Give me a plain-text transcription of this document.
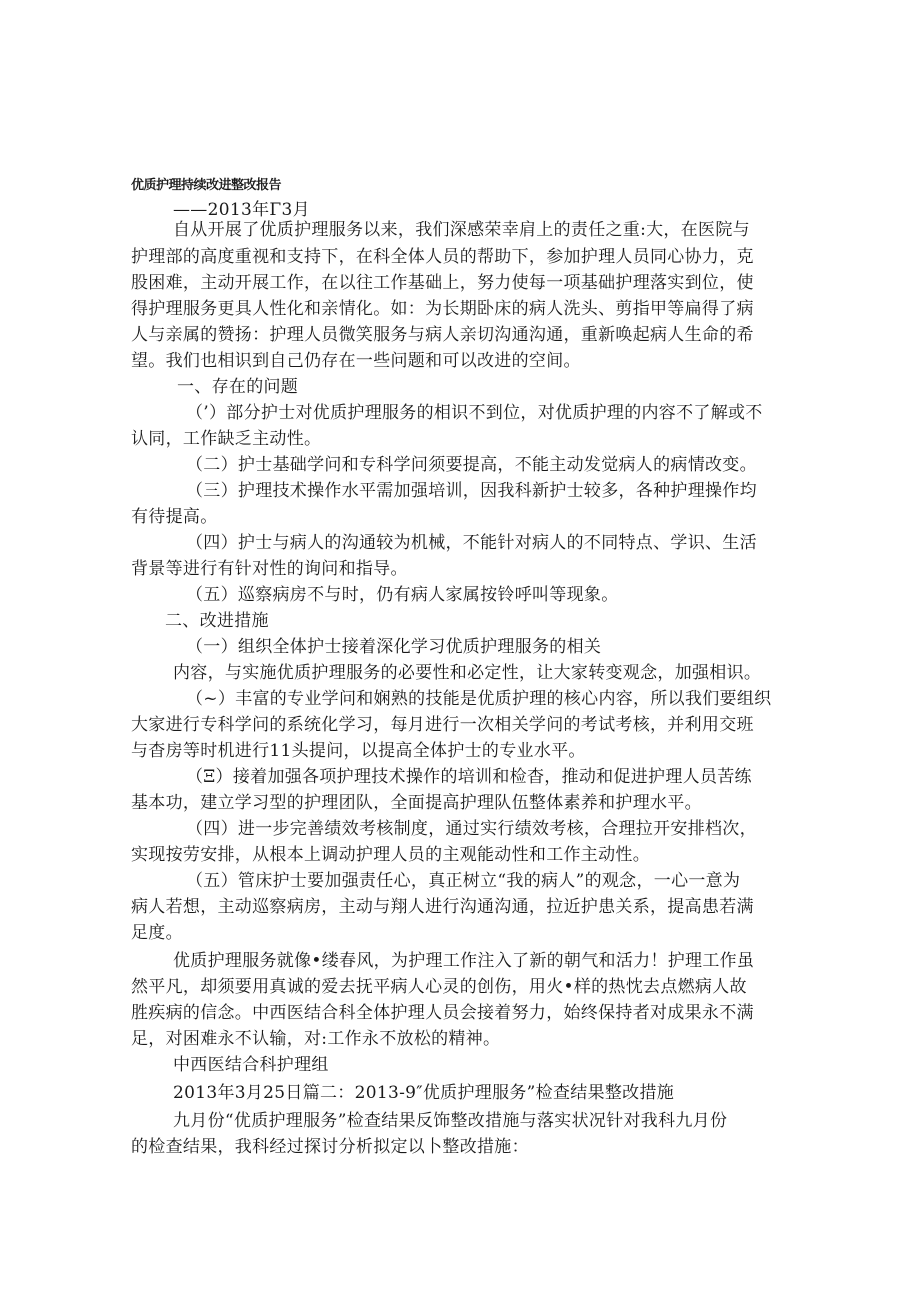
优质护理持续改进整改报告
——2013年Γ3月
自从开展了优质护理服务以来，我们深感荣幸肩上的责任之重:大，在医院与
护理部的高度重视和支持下，在科全体人员的帮助下，参加护理人员同心协力，克
股困难，主动开展工作，在以往工作基础上，努力使每一项基础护理落实到位，使
得护理服务更具人性化和亲情化。如：为长期卧床的病人洗头、剪指甲等扁得了病
人与亲属的赞扬：护理人员微笑服务与病人亲切沟通沟通，重新唤起病人生命的希
望。我们也相识到自己仍存在一些问题和可以改进的空间。
一、存在的问题
（’）部分护士对优质护理服务的相识不到位，对优质护理的内容不了解或不
认同，工作缺乏主动性。
（二）护士基础学问和专科学问须要提高，不能主动发觉病人的病情改变。
（三）护理技术操作水平需加强培训，因我科新护士较多，各种护理操作均
有待提高。
（四）护士与病人的沟通较为机械，不能针对病人的不同特点、学识、生活
背景等进行有针对性的询问和指导。
（五）巡察病房不与时，仍有病人家属按铃呼叫等现象。
二、改进措施
（一）组织全体护士接着深化学习优质护理服务的相关
内容，与实施优质护理服务的必要性和必定性，让大家转变观念，加强相识。
（~）丰富的专业学问和娴熟的技能是优质护理的核心内容，所以我们要组织
大家进行专科学问的系统化学习，每月进行一次相关学问的考试考核，并利用交班
与杳房等时机进行11头提问，以提高全体护士的专业水平。
（Ξ）接着加强各项护理技术操作的培训和检杳，推动和促进护理人员苦练
基本功，建立学习型的护理团队，全面提高护理队伍整体素养和护理水平。
（四）进一步完善绩效考核制度，通过实行绩效考核，合理拉开安排档次，
实现按劳安排，从根本上调动护理人员的主观能动性和工作主动性。
（五）管床护士要加强责任心，真正树立“我的病人”的观念，一心一意为
病人若想，主动巡察病房，主动与翔人进行沟通沟通，拉近护患关系，提高患若满
足度。
优质护理服务就像•缕春风，为护理工作注入了新的朝气和活力！护理工作虽
然平凡，却须要用真诚的爱去抚平病人心灵的创伤，用火•样的热忱去点燃病人故
胜疾病的信念。中西医结合科全体护理人员会接着努力，始终保持者对成果永不满
足，对困难永不认输，对:工作永不放松的精神。
中西医结合科护理组
2013年3月25日篇二：2013-9″优质护理服务”检查结果整改措施
九月份“优质护理服务”检查结果反饰整改措施与落实状况针对我科九月份
的检查结果，我科经过探讨分析拟定以卜整改措施：
